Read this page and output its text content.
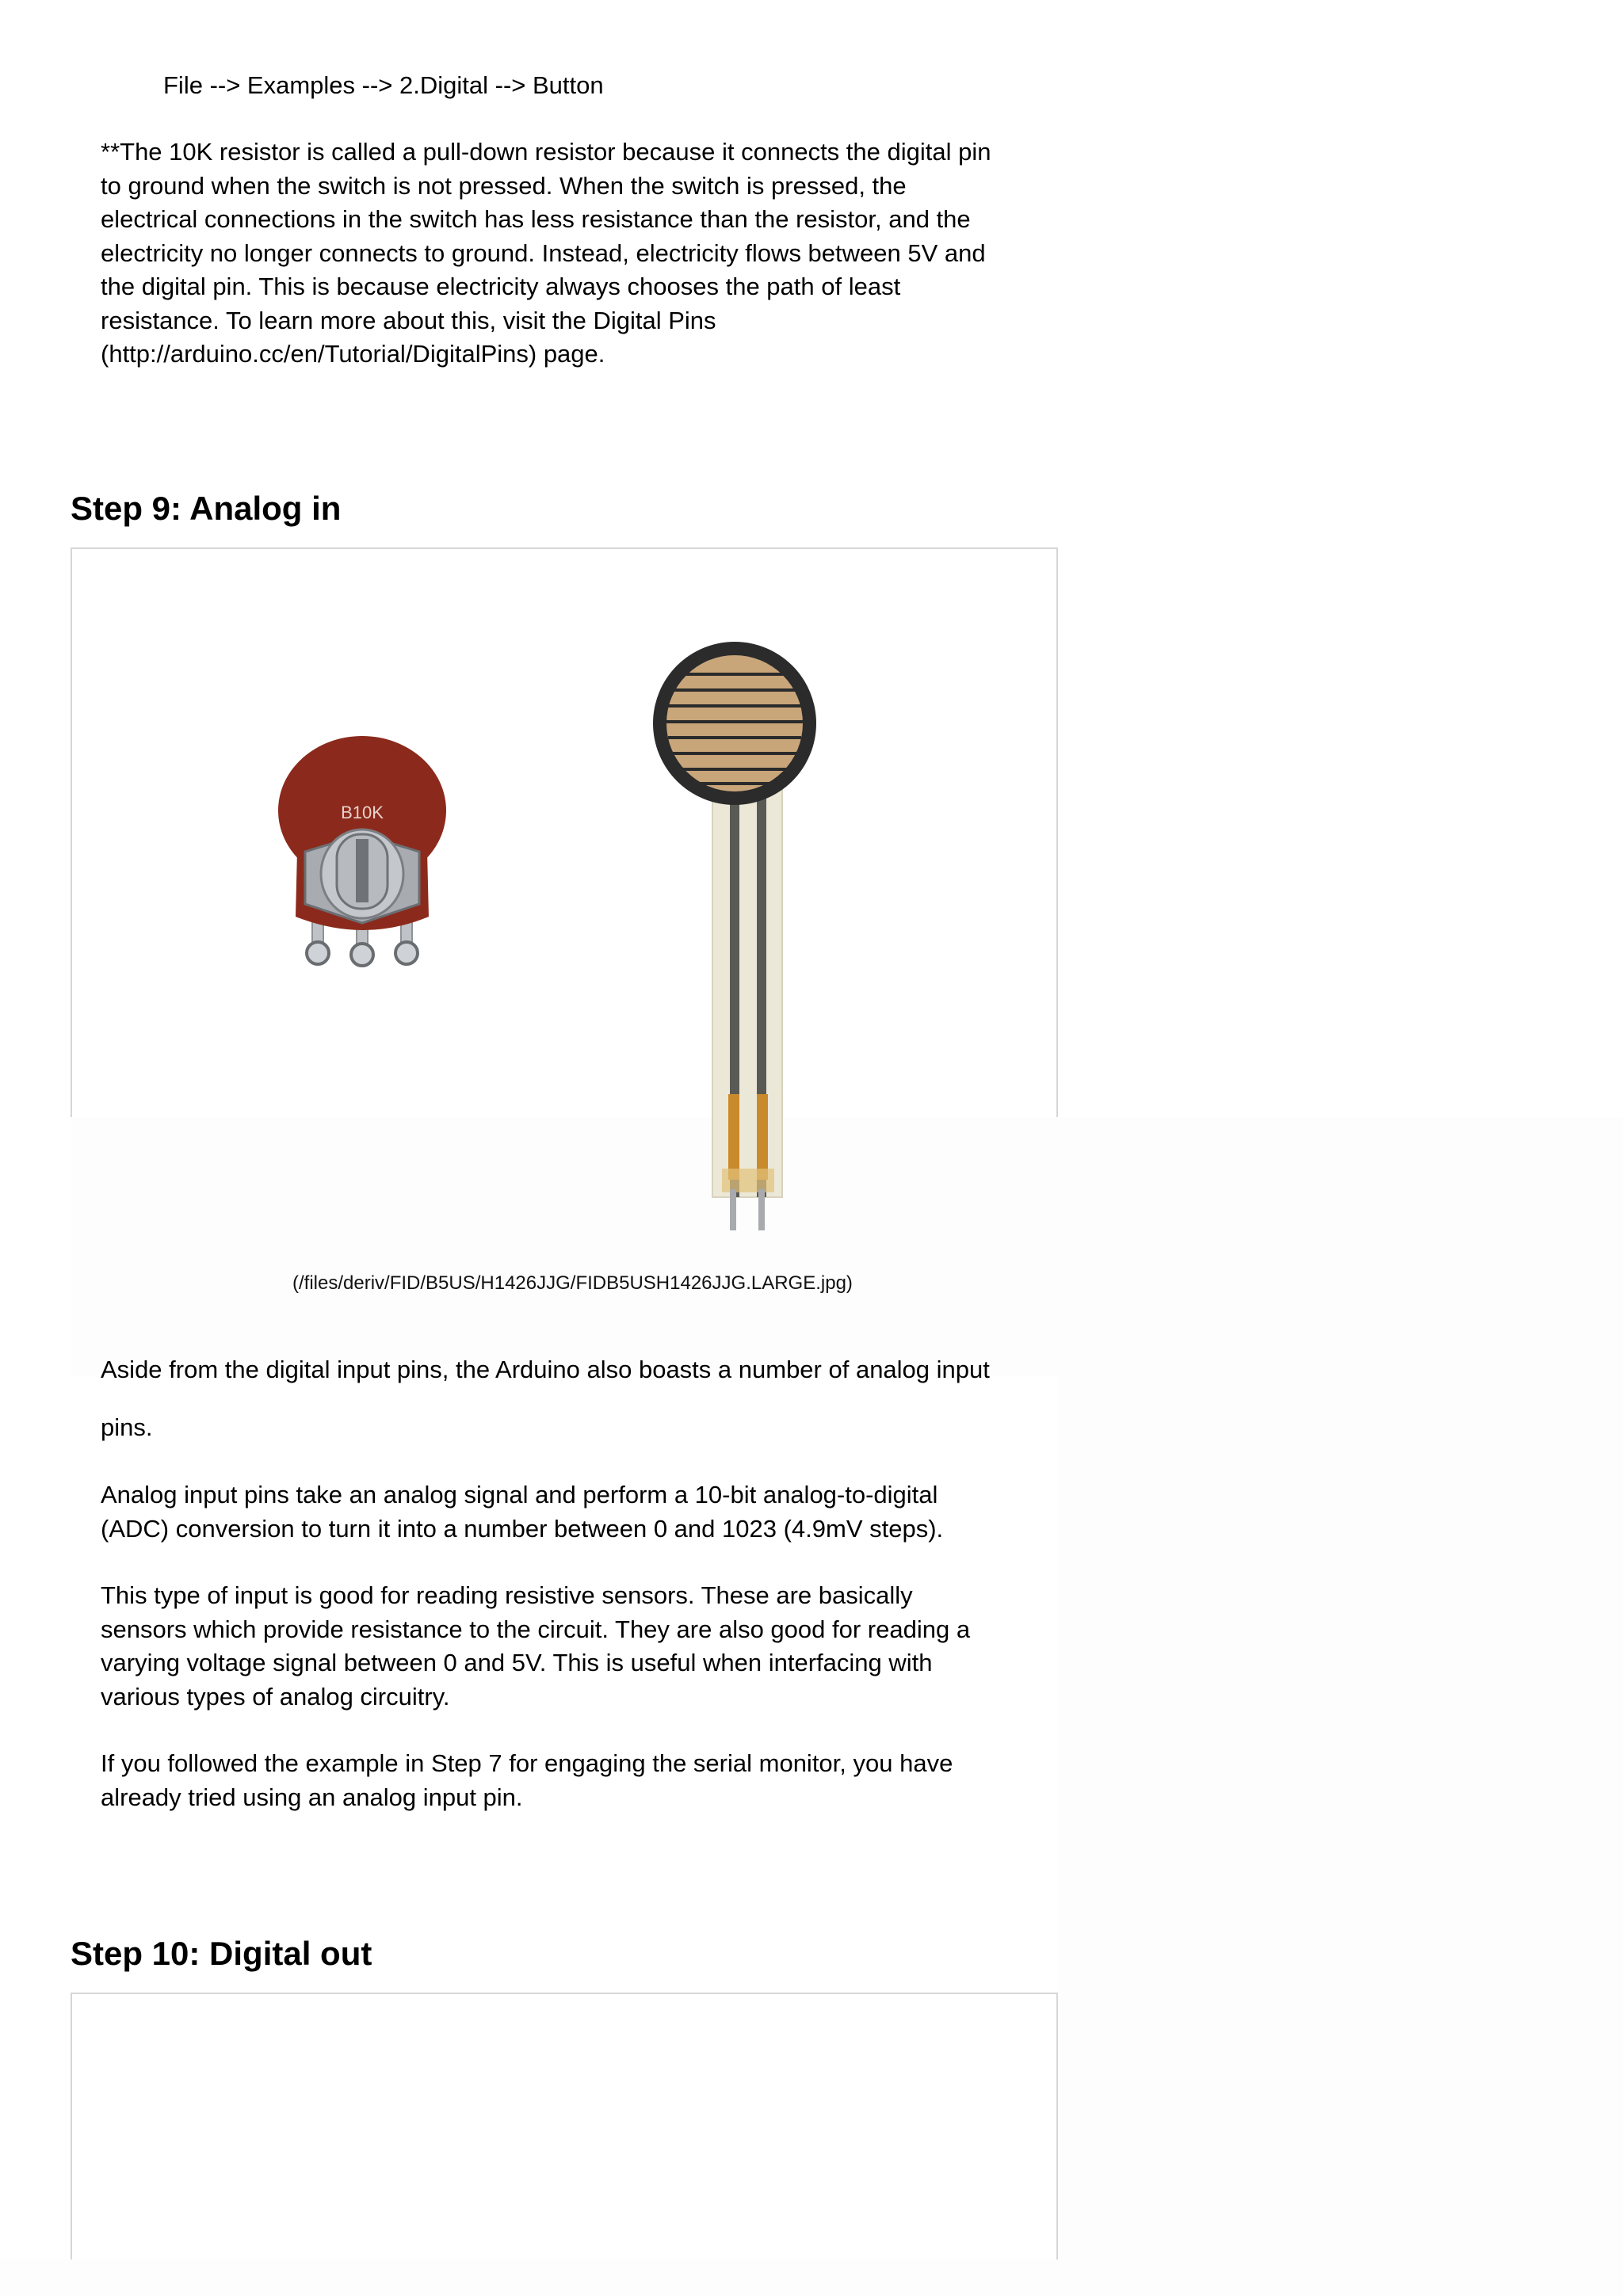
File --> Examples --> 2.Digital --> Button
**The 10K resistor is called a pull-down resistor because it connects the digital pin
to ground when the switch is not pressed. When the switch is pressed, the
electrical connections in the switch has less resistance than the resistor, and the
electricity no longer connects to ground. Instead, electricity flows between 5V and
the digital pin. This is because electricity always chooses the path of least
resistance. To learn more about this, visit the Digital Pins
(http://arduino.cc/en/Tutorial/DigitalPins) page.
Step 9: Analog in
B10K
(/files/deriv/FID/B5US/H1426JJG/FIDB5USH1426JJG.LARGE.jpg)
Aside from the digital input pins, the Arduino also boasts a number of analog input
pins.
Analog input pins take an analog signal and perform a 10-bit analog-to-digital
(ADC) conversion to turn it into a number between 0 and 1023 (4.9mV steps).
This type of input is good for reading resistive sensors. These are basically
sensors which provide resistance to the circuit. They are also good for reading a
varying voltage signal between 0 and 5V. This is useful when interfacing with
various types of analog circuitry.
If you followed the example in Step 7 for engaging the serial monitor, you have
already tried using an analog input pin.
Step 10: Digital out
